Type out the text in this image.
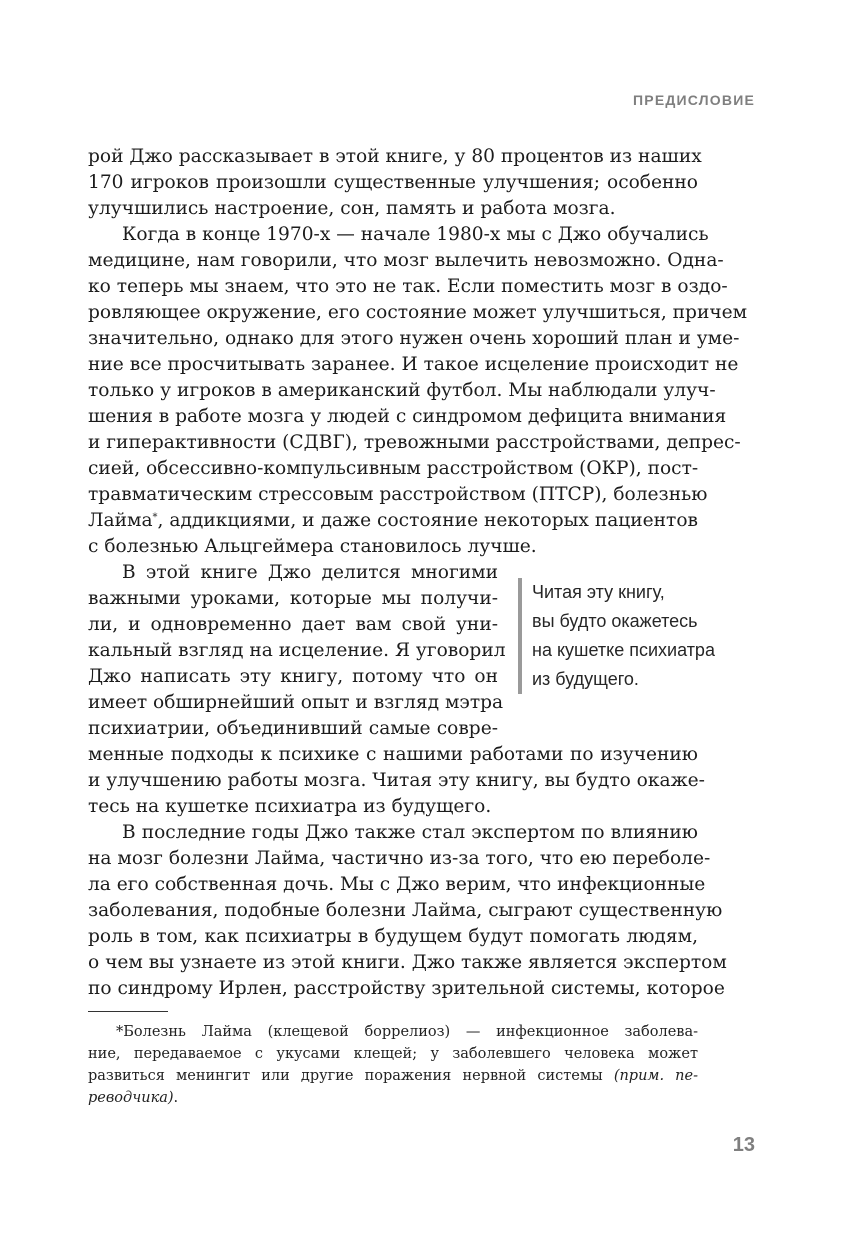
ПРЕДИСЛОВИЕ
рой Джо рассказывает в этой книге, у 80 процентов из наших
170 игроков произошли существенные улучшения; особенно
улучшились настроение, сон, память и работа мозга.
Когда в конце 1970-х — начале 1980-х мы с Джо обучались
медицине, нам говорили, что мозг вылечить невозможно. Одна-
ко теперь мы знаем, что это не так. Если поместить мозг в оздо-
ровляющее окружение, его состояние может улучшиться, причем
значительно, однако для этого нужен очень хороший план и уме-
ние все просчитывать заранее. И такое исцеление происходит не
только у игроков в американский футбол. Мы наблюдали улуч-
шения в работе мозга у людей с синдромом дефицита внимания
и гиперактивности (СДВГ), тревожными расстройствами, депрес-
сией, обсессивно-компульсивным расстройством (ОКР), пост-
травматическим стрессовым расстройством (ПТСР), болезнью
Лайма*, аддикциями, и даже состояние некоторых пациентов
с болезнью Альцгеймера становилось лучше.
В этой книге Джо делится многими
важными уроками, которые мы получи-
ли, и одновременно дает вам свой уни-
кальный взгляд на исцеление. Я уговорил
Джо написать эту книгу, потому что он
имеет обширнейший опыт и взгляд мэтра
психиатрии, объединивший самые совре-
Читая эту книгу,
вы будто окажетесь
на кушетке психиатра
из будущего.
менные подходы к психике с нашими работами по изучению
и улучшению работы мозга. Читая эту книгу, вы будто окаже-
тесь на кушетке психиатра из будущего.
В последние годы Джо также стал экспертом по влиянию
на мозг болезни Лайма, частично из-за того, что ею переболе-
ла его собственная дочь. Мы с Джо верим, что инфекционные
заболевания, подобные болезни Лайма, сыграют существенную
роль в том, как психиатры в будущем будут помогать людям,
о чем вы узнаете из этой книги. Джо также является экспертом
по синдрому Ирлен, расстройству зрительной системы, которое
*Болезнь Лайма (клещевой боррелиоз) — инфекционное заболева-
ние, передаваемое с укусами клещей; у заболевшего человека может
развиться менингит или другие поражения нервной системы (прим. пе-
реводчика).
13
